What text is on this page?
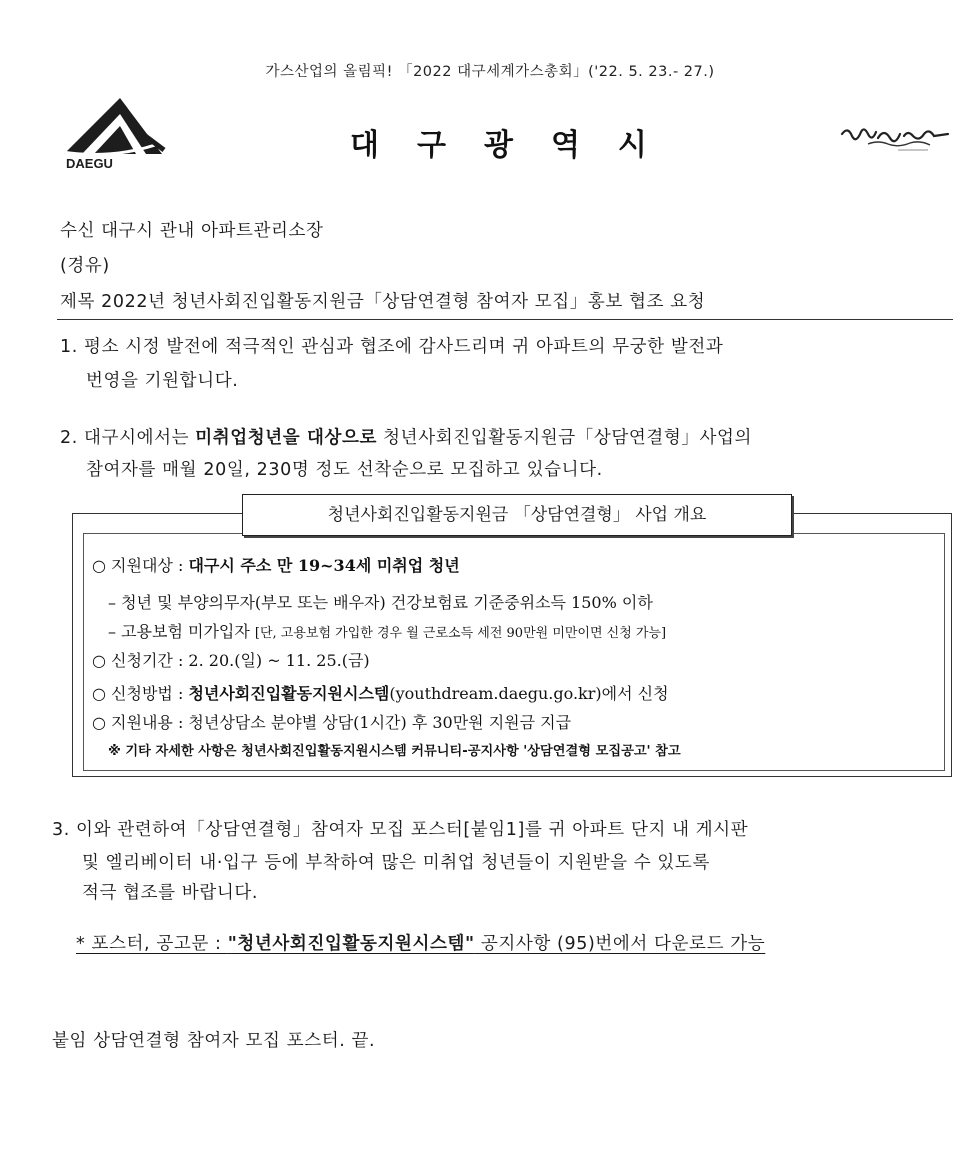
가스산업의 올림픽! 「2022 대구세계가스총회」('22. 5. 23.- 27.)
DAEGU
대구광역시
수신 대구시 관내 아파트관리소장
(경유)
제목 2022년 청년사회진입활동지원금「상담연결형 참여자 모집」홍보 협조 요청
1. 평소 시정 발전에 적극적인 관심과 협조에 감사드리며 귀 아파트의 무궁한 발전과
번영을 기원합니다.
2. 대구시에서는 미취업청년을 대상으로 청년사회진입활동지원금「상담연결형」사업의
참여자를 매월 20일, 230명 정도 선착순으로 모집하고 있습니다.
청년사회진입활동지원금 「상담연결형」 사업 개요
○ 지원대상 : 대구시 주소 만 19~34세 미취업 청년
– 청년 및 부양의무자(부모 또는 배우자) 건강보험료 기준중위소득 150% 이하
– 고용보험 미가입자 [단, 고용보험 가입한 경우 월 근로소득 세전 90만원 미만이면 신청 가능]
○ 신청기간 : 2. 20.(일) ~ 11. 25.(금)
○ 신청방법 : 청년사회진입활동지원시스템(youthdream.daegu.go.kr)에서 신청
○ 지원내용 : 청년상담소 분야별 상담(1시간) 후 30만원 지원금 지급
※ 기타 자세한 사항은 청년사회진입활동지원시스템 커뮤니티-공지사항 '상담연결형 모집공고' 참고
3. 이와 관련하여「상담연결형」참여자 모집 포스터[붙임1]를 귀 아파트 단지 내 게시판
및 엘리베이터 내·입구 등에 부착하여 많은 미취업 청년들이 지원받을 수 있도록
적극 협조를 바랍니다.
* 포스터, 공고문 : "청년사회진입활동지원시스템" 공지사항 (95)번에서 다운로드 가능
붙임 상담연결형 참여자 모집 포스터. 끝.
